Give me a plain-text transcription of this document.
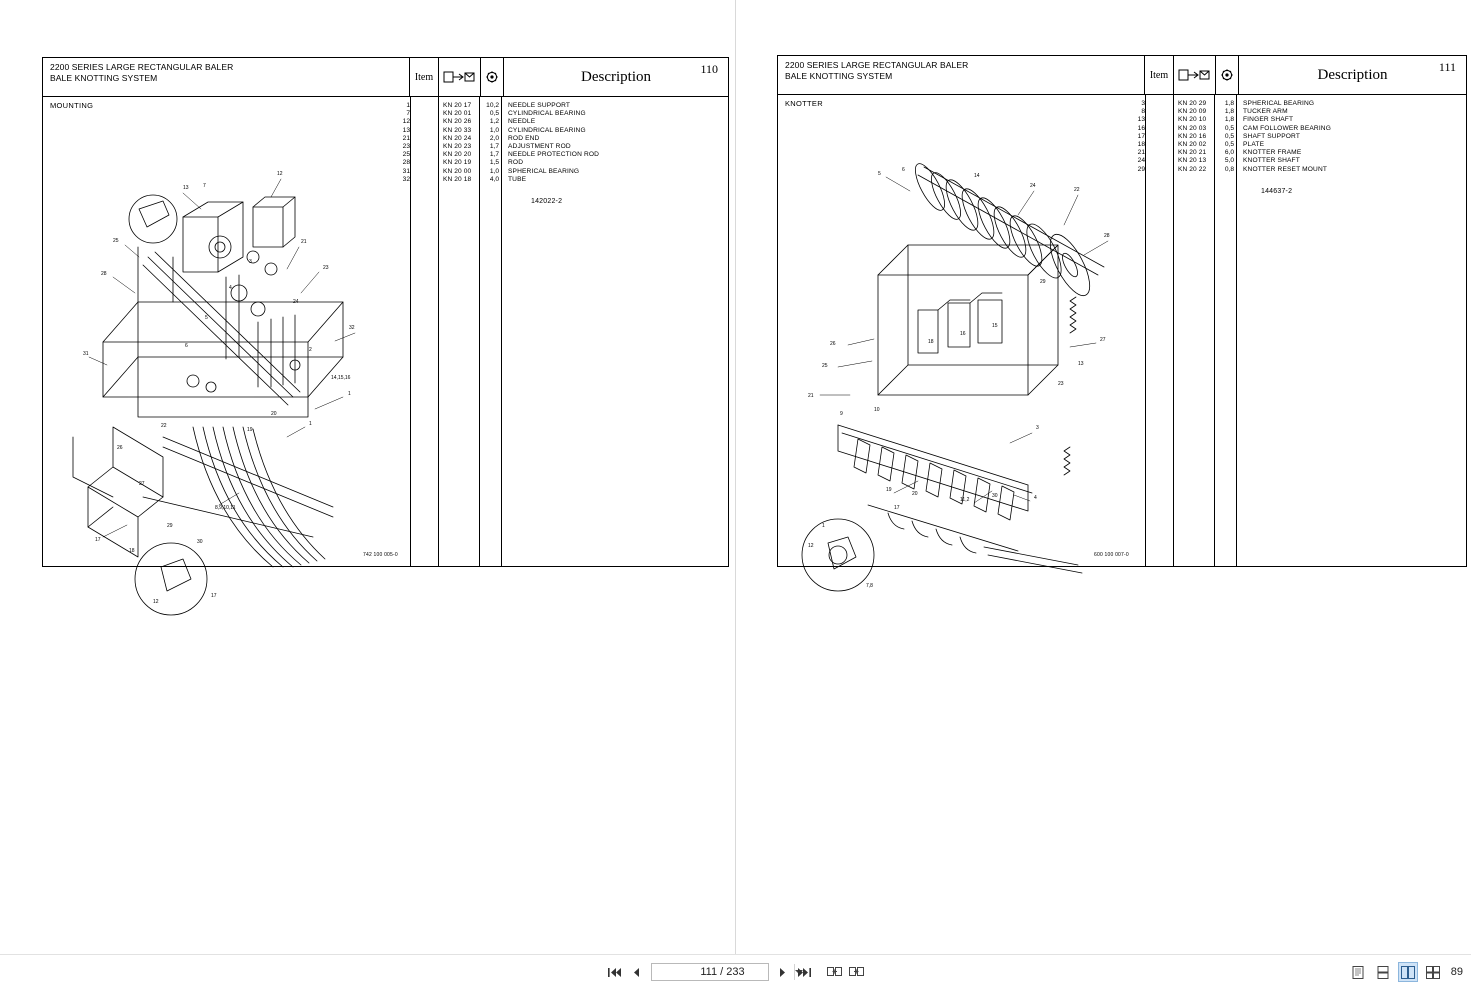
2200 SERIES LARGE RECTANGULAR BALER
BALE KNOTTING SYSTEM	Item	Description	110
MOUNTING
25
28
13	7
12
21
23
32
31
1
1
8,9,10,11
14,15,16
17
17
12
18
19
22
26
27
29
30
24
20
3
4
5
6
2
742 100 005-0
1	KN 20 17	10,2 NEEDLE SUPPORT
7	KN 20 01	0,5 CYLINDRICAL BEARING
12	KN 20 26	1,2 NEEDLE
13	KN 20 33	1,0 CYLINDRICAL BEARING
21	KN 20 24	2,0 ROD END
23	KN 20 23	1,7 ADJUSTMENT ROD
25	KN 20 20	1,7 NEEDLE PROTECTION ROD
28	KN 20 19	1,5 ROD
31	KN 20 00	1,0 SPHERICAL BEARING
32	KN 20 18	4,0 TUBE
142022-2
2200 SERIES LARGE RECTANGULAR BALER
BALE KNOTTING SYSTEM	Item	Description	111
KNOTTER
5
6
14
24
22
28
26
25
21
9
10
27
13
23
3
19
20
11,2
30	4
17
1
12
7,8
18
16
15
29
600 100 007-0
3	KN 20 29	1,8 SPHERICAL BEARING
8	KN 20 09	1,8 TUCKER ARM
13	KN 20 10	1,8 FINGER SHAFT
16	KN 20 03	0,5 CAM FOLLOWER BEARING
17	KN 20 16	0,5 SHAFT SUPPORT
18	KN 20 02	0,5 PLATE
21	KN 20 21	6,0 KNOTTER FRAME
24	KN 20 13	5,0 KNOTTER SHAFT
29	KN 20 22	0,8 KNOTTER RESET MOUNT
144637-2
111 / 233
89
